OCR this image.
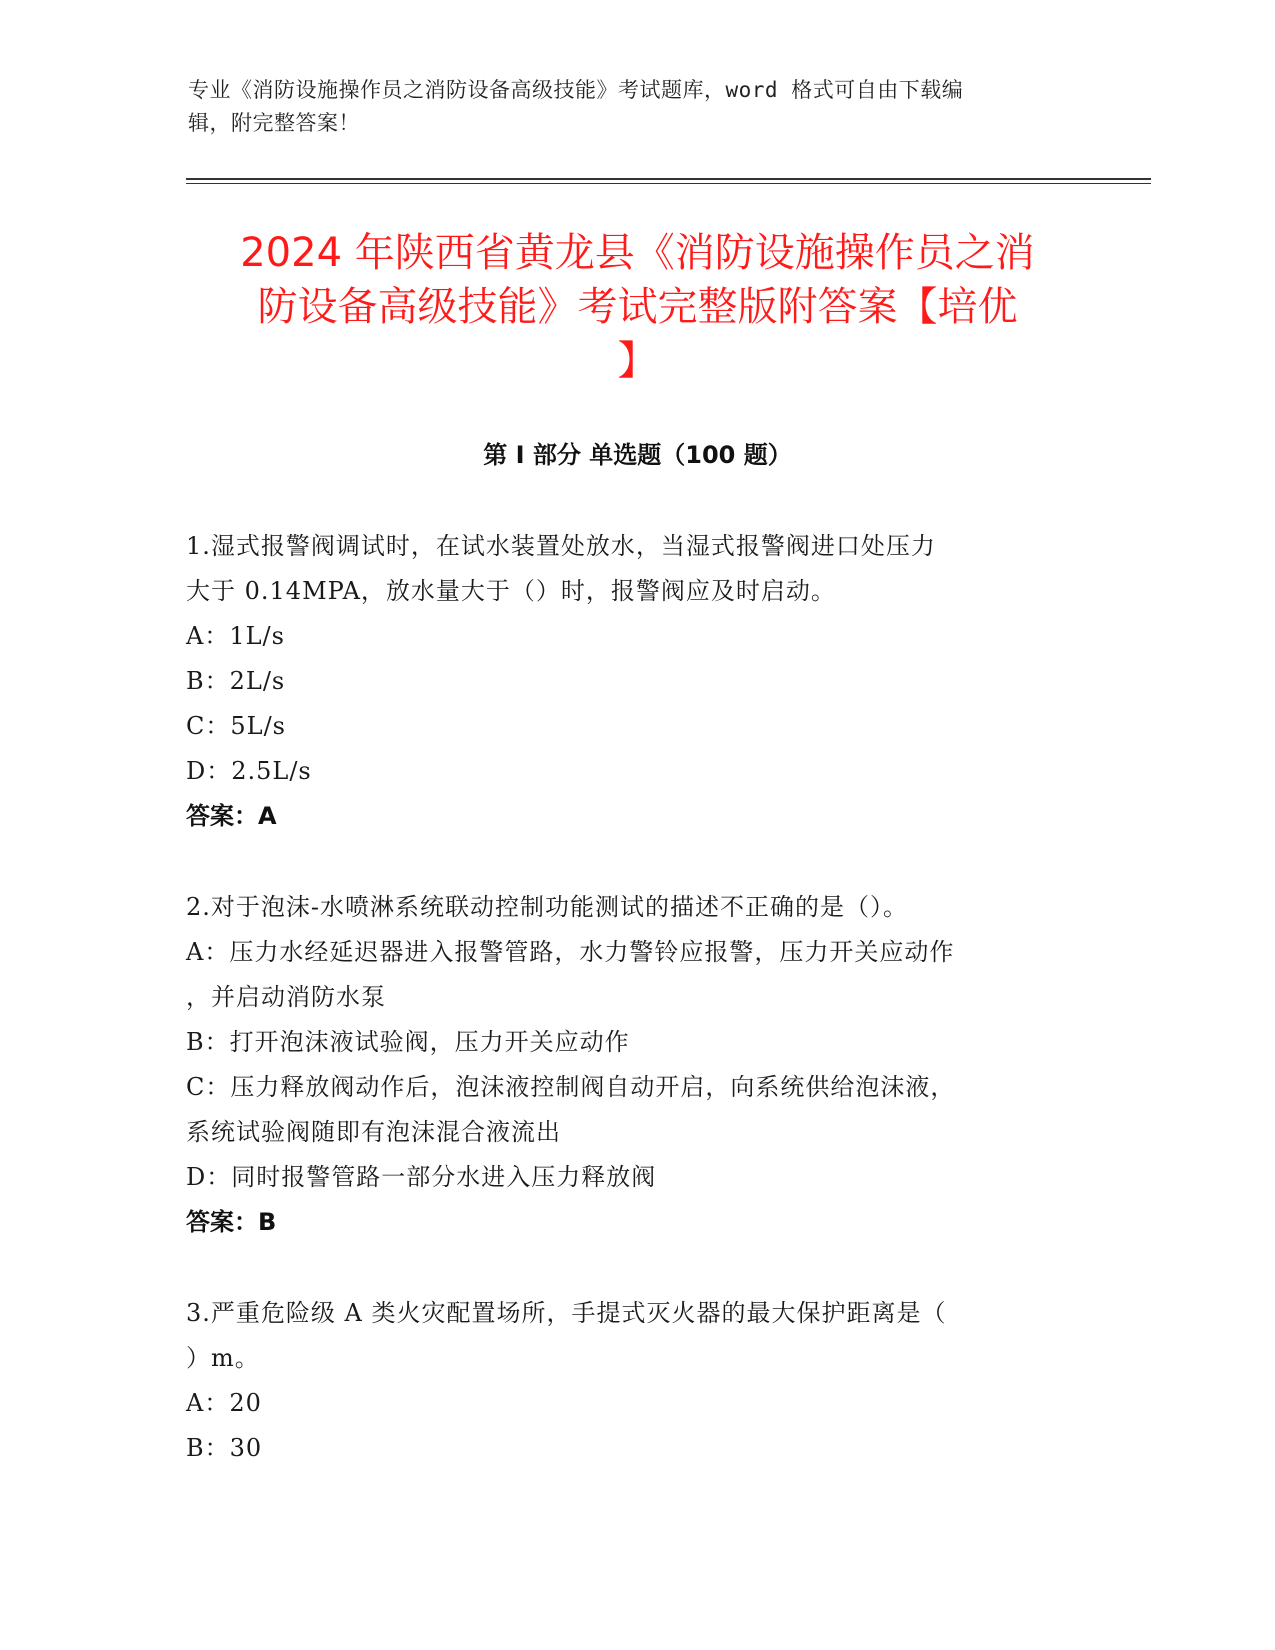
专业《消防设施操作员之消防设备高级技能》考试题库，word 格式可自由下载编
辑，附完整答案！
2024 年陕西省黄龙县《消防设施操作员之消
防设备高级技能》考试完整版附答案【培优
】
第 I 部分 单选题（100 题）
1.湿式报警阀调试时，在试水装置处放水，当湿式报警阀进口处压力
大于 0.14MPA，放水量大于（）时，报警阀应及时启动。
A：1L/s
B：2L/s
C：5L/s
D：2.5L/s
答案：A
2.对于泡沫-水喷淋系统联动控制功能测试的描述不正确的是（）。
A：压力水经延迟器进入报警管路，水力警铃应报警，压力开关应动作
，并启动消防水泵
B：打开泡沫液试验阀，压力开关应动作
C：压力释放阀动作后，泡沫液控制阀自动开启，向系统供给泡沫液，
系统试验阀随即有泡沫混合液流出
D：同时报警管路一部分水进入压力释放阀
答案：B
3.严重危险级 A 类火灾配置场所，手提式灭火器的最大保护距离是（
）m。
A：20
B：30
